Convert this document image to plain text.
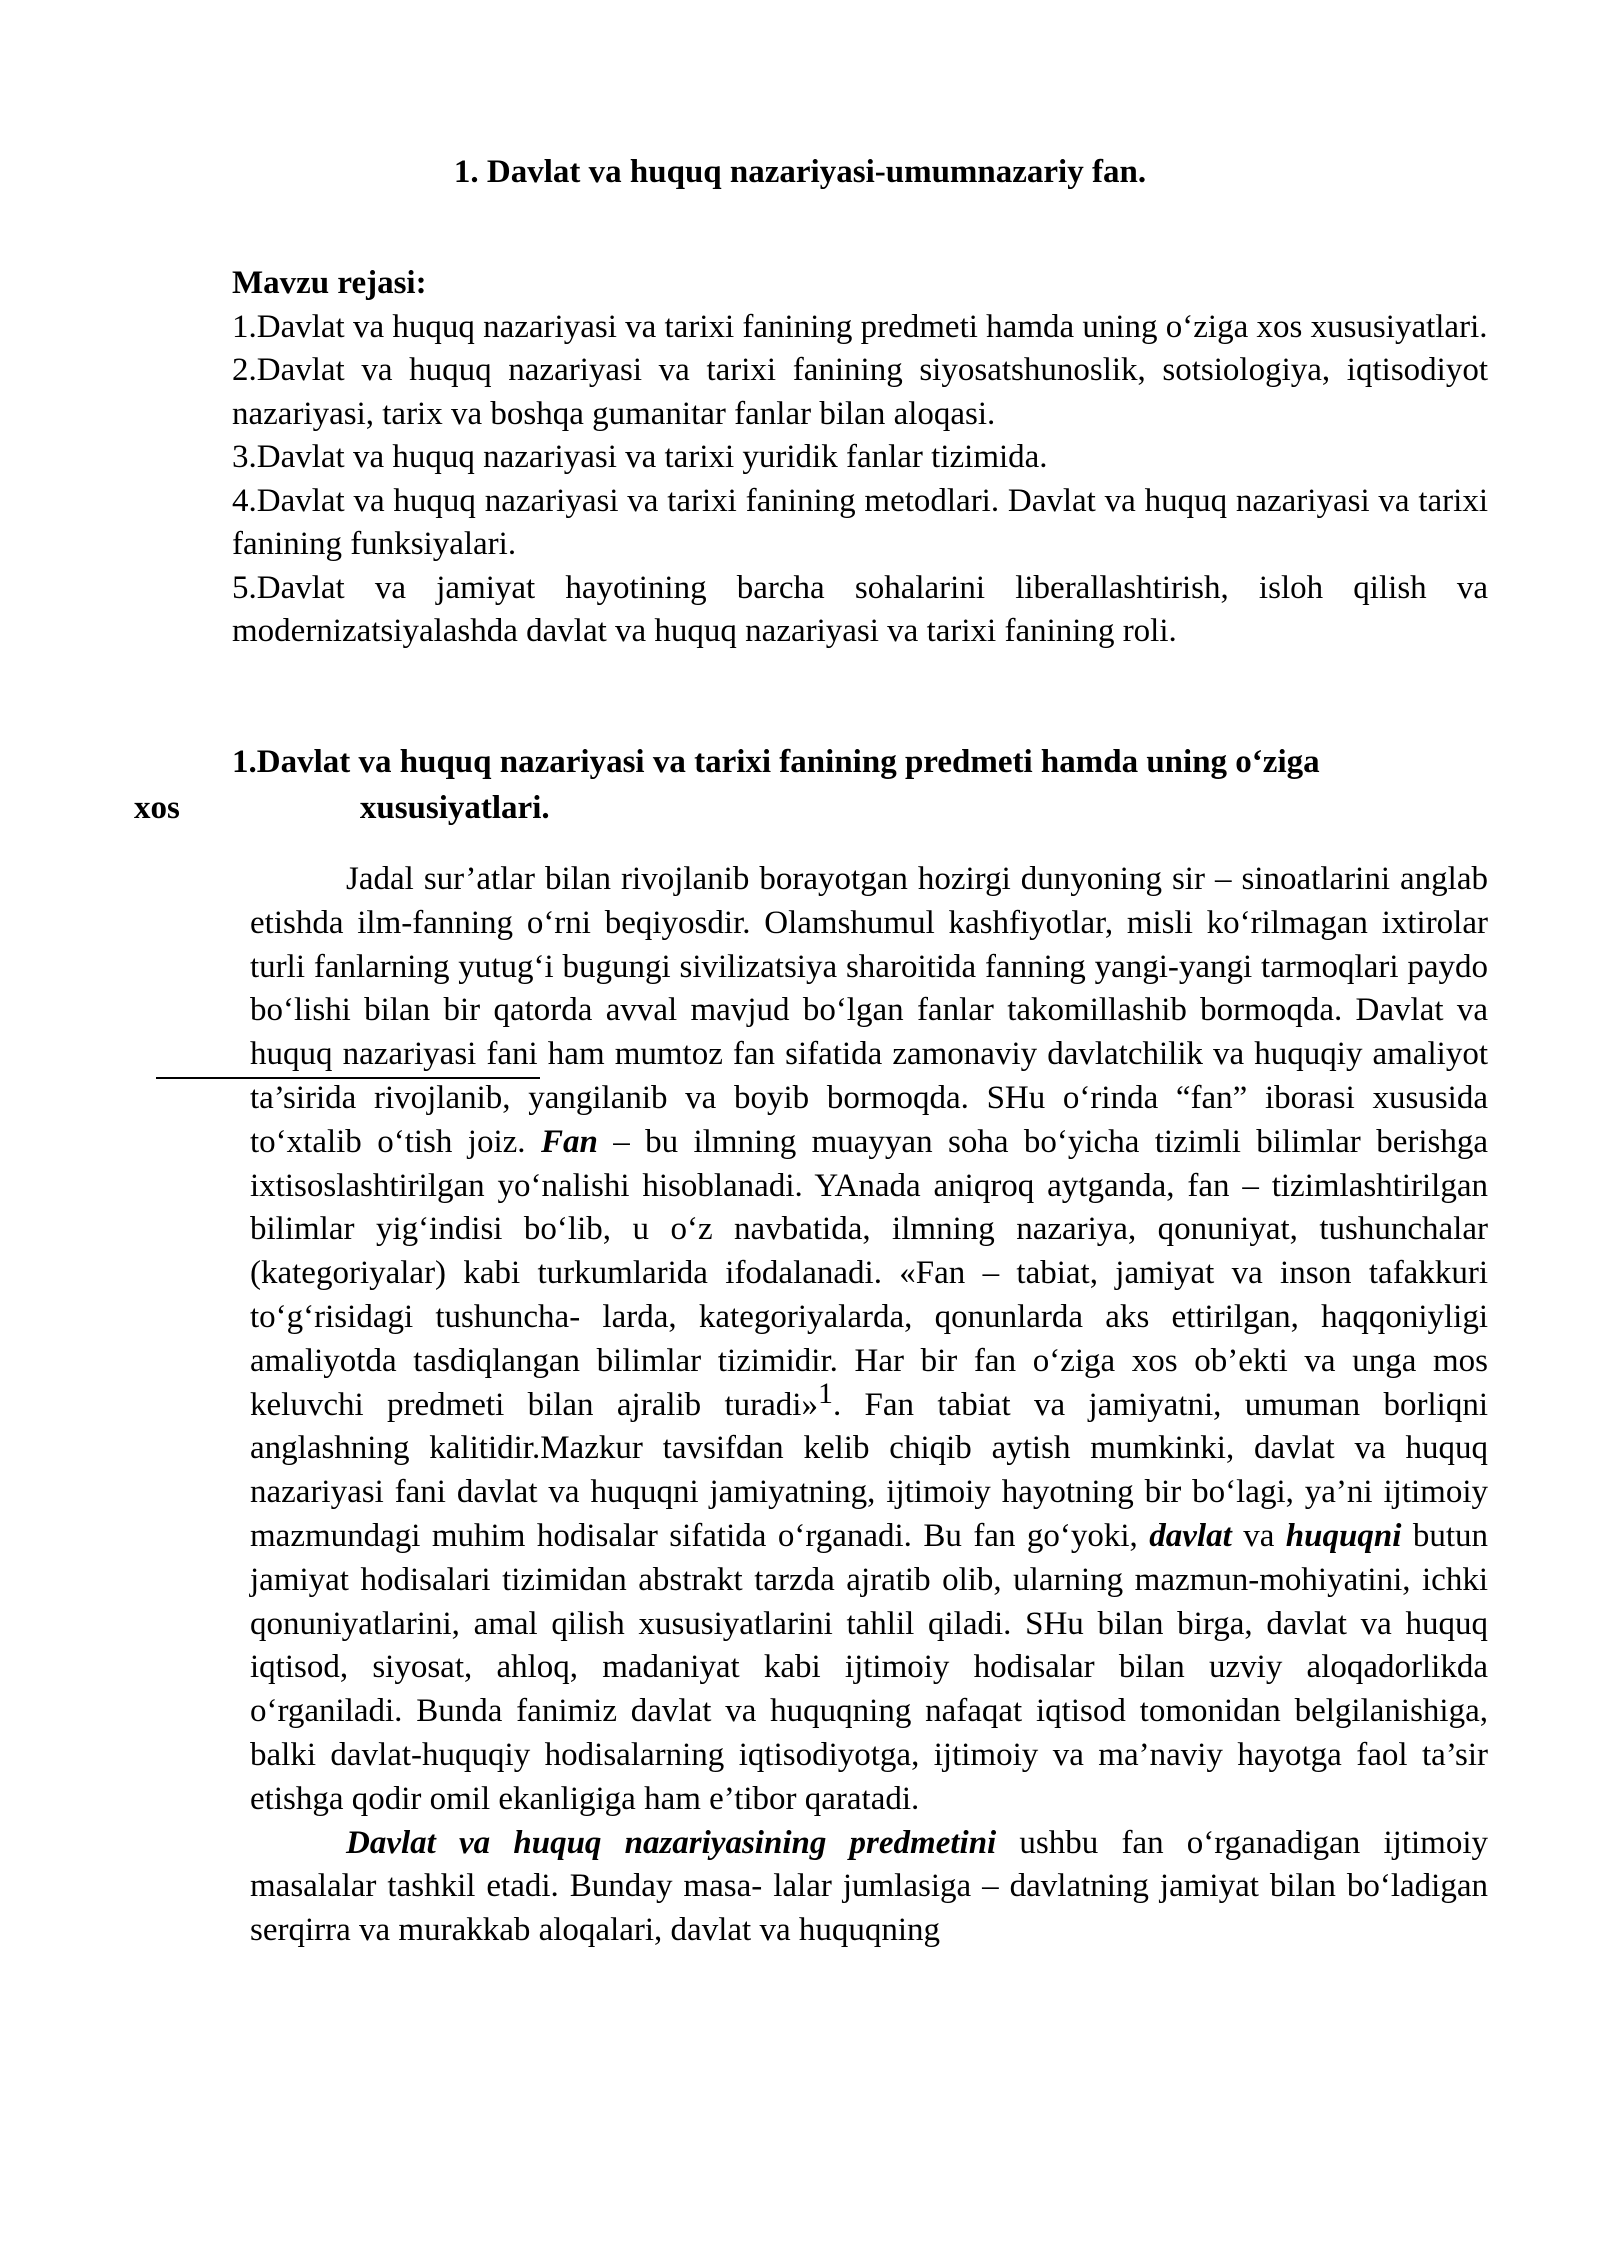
1. Davlat va huquq nazariyasi-umumnazariy fan.
Mavzu rejasi:
1.Davlat va huquq nazariyasi va tarixi fanining predmeti hamda uning o‘ziga xos xususiyatlari.
2.Davlat va huquq nazariyasi va tarixi fanining siyosatshunoslik, sotsiologiya, iqtisodiyot nazariyasi, tarix va boshqa gumanitar fanlar bilan aloqasi.
3.Davlat va huquq nazariyasi va tarixi yuridik fanlar tizimida.
4.Davlat va huquq nazariyasi va tarixi fanining metodlari. Davlat va huquq nazariyasi va tarixi fanining funksiyalari.
5.Davlat va jamiyat hayotining barcha sohalarini liberallashtirish, isloh qilish va modernizatsiyalashda davlat va huquq nazariyasi va tarixi fanining roli.
1.Davlat va huquq nazariyasi va tarixi fanining predmeti hamda uning o‘ziga
xos	xususiyatlari.

Jadal sur’atlar bilan rivojlanib borayotgan hozirgi dunyoning sir – sinoatlarini anglab etishda ilm-fanning o‘rni beqiyosdir. Olamshumul kashfiyotlar, misli ko‘rilmagan ixtirolar turli fanlarning yutug‘i bugungi sivilizatsiya sharoitida fanning yangi-yangi tarmoqlari paydo bo‘lishi bilan bir qatorda avval mavjud bo‘lgan fanlar takomillashib bormoqda. Davlat va huquq nazariyasi fani ham mumtoz fan sifatida zamonaviy davlatchilik va huquqiy amaliyot ta’sirida rivojlanib, yangilanib va boyib bormoqda. SHu o‘rinda “fan” iborasi xususida to‘xtalib o‘tish joiz. Fan – bu ilmning muayyan soha bo‘yicha tizimli bilimlar berishga ixtisoslashtirilgan yo‘nalishi hisoblanadi. YAnada aniqroq aytganda, fan – tizimlashtirilgan bilimlar yig‘indisi bo‘lib, u o‘z navbatida, ilmning nazariya, qonuniyat, tushunchalar (kategoriyalar) kabi turkumlarida ifodalanadi. «Fan – tabiat, jamiyat va inson tafakkuri to‘g‘risidagi tushuncha- larda, kategoriyalarda, qonunlarda aks ettirilgan, haqqoniyligi amaliyotda tasdiqlangan bilimlar tizimidir. Har bir fan o‘ziga xos ob’ekti va unga mos keluvchi predmeti bilan ajralib turadi»1. Fan tabiat va jamiyatni, umuman borliqni anglashning kalitidir.Mazkur tavsifdan kelib chiqib aytish mumkinki, davlat va huquq nazariyasi fani davlat va huquqni jamiyatning, ijtimoiy hayotning bir bo‘lagi, ya’ni ijtimoiy mazmundagi muhim hodisalar sifatida o‘rganadi. Bu fan go‘yoki, davlat va huquqni butun jamiyat hodisalari tizimidan abstrakt tarzda ajratib olib, ularning mazmun-mohiyatini, ichki qonuniyatlarini, amal qilish xususiyatlarini tahlil qiladi. SHu bilan birga, davlat va huquq iqtisod, siyosat, ahloq, madaniyat kabi ijtimoiy hodisalar bilan uzviy aloqadorlikda o‘rganiladi. Bunda fanimiz davlat va huquqning nafaqat iqtisod tomonidan belgilanishiga, balki davlat-huquqiy hodisalarning iqtisodiyotga, ijtimoiy va ma’naviy hayotga faol ta’sir etishga qodir omil ekanligiga ham e’tibor qaratadi.

Davlat va huquq nazariyasining predmetini ushbu fan o‘rganadigan ijtimoiy masalalar tashkil etadi. Bunday masa- lalar jumlasiga – davlatning jamiyat bilan bo‘ladigan serqirra va murakkab aloqalari, davlat va huquqning
